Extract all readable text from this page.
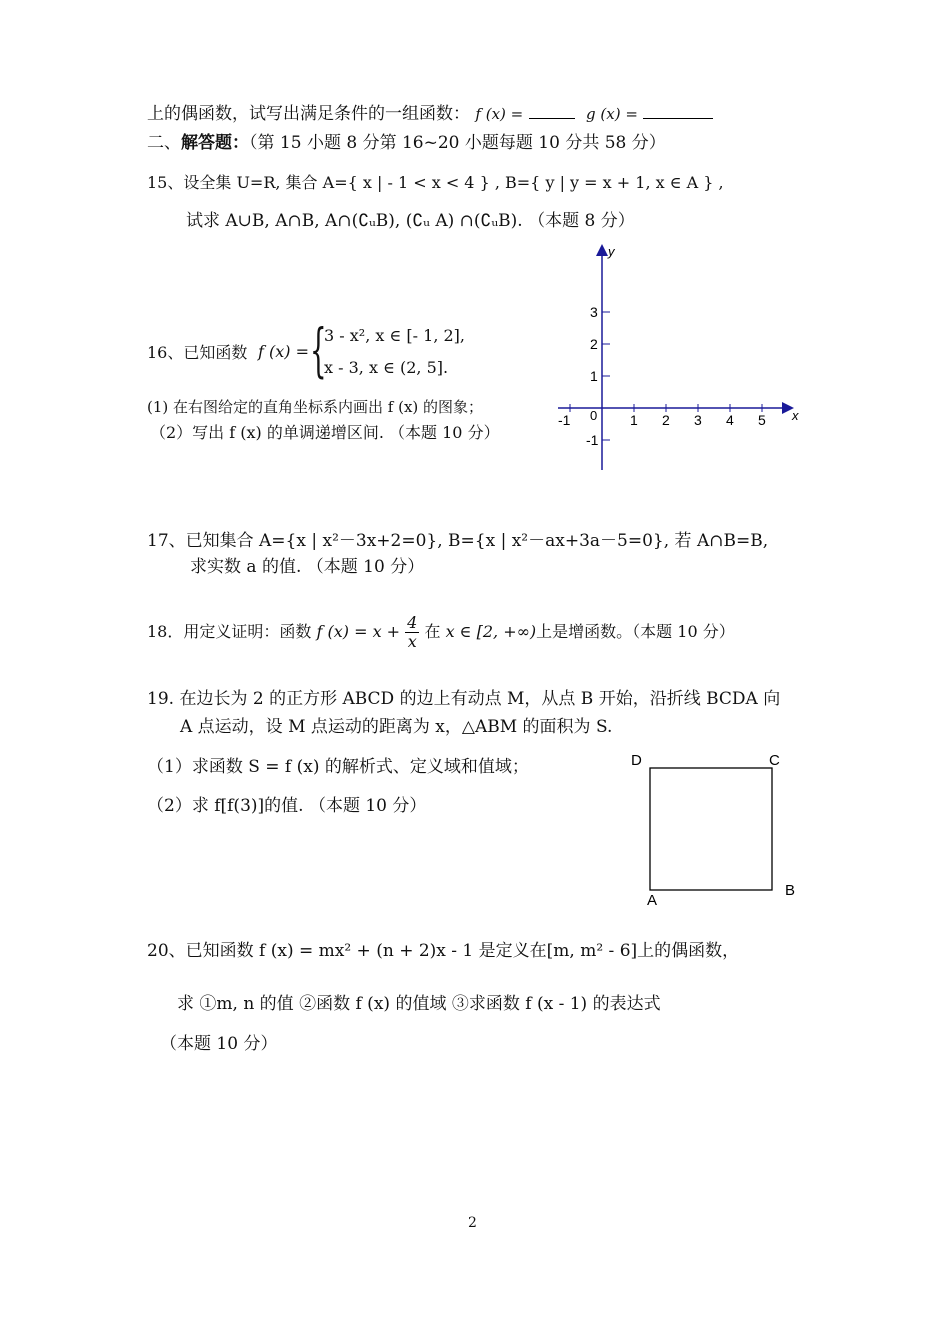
上的偶函数，试写出满足条件的一组函数： f (x) =	g (x) =
二、解答题：（第 15 小题 8 分第 16~20 小题每题 10 分共 58 分）
15、设全集 U=R, 集合 A={ x | - 1 < x < 4 } , B={ y | y = x + 1, x ∈ A } ,
试求 A∪B, A∩B, A∩(∁ᵤB), (∁ᵤ A) ∩(∁ᵤB). （本题 8 分）
16、已知函数 f (x) = {
3 - x², x ∈ [- 1, 2],
x - 3, x ∈ (2, 5].
(1) 在右图给定的直角坐标系内画出 f (x) 的图象；
（2）写出 f (x) 的单调递增区间. （本题 10 分）
-1	1 2 3 4 5
3
2
1
-1
0	x
y
17、已知集合 A={x | x²－3x+2=0}, B={x | x²－ax+3a－5=0}, 若 A∩B=B,
求实数 a 的值. （本题 10 分）
18．用定义证明：函数 f $(x) = x + \frac{4}{x}$ 在 x ∈ [2, +∞)上是增函数。（本题 10 分）
19. 在边长为 2 的正方形 ABCD 的边上有动点 M，从点 B 开始，沿折线 BCDA 向
A 点运动，设 M 点运动的距离为 x，△ABM 的面积为 S.
（1）求函数 S = f (x) 的解析式、定义域和值域；
（2）求 f[f(3)]的值. （本题 10 分）
D	C
A
B
20、已知函数 f (x) = mx² + (n + 2)x - 1 是定义在[m, m² - 6]上的偶函数，
求 ①m, n 的值 ②函数 f (x) 的值域 ③求函数 f (x - 1) 的表达式
（本题 10 分）
2
